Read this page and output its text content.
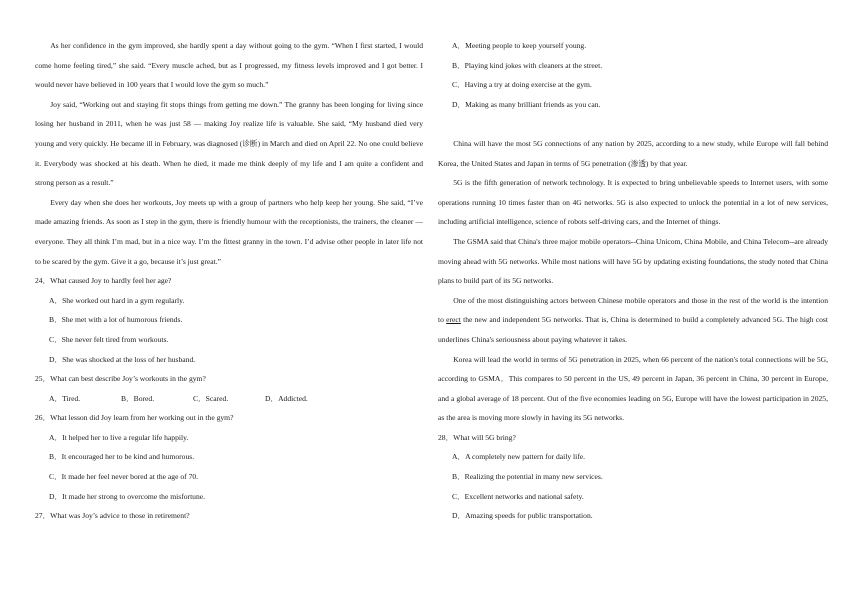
As her confidence in the gym improved, she hardly spent a day without going to the gym. “When I first started, I would come home feeling tired,” she said. “Every muscle ached, but as I progressed, my fitness levels improved and I got better. I would never have believed in 100 years that I would love the gym so much.”

Joy said, “Working out and staying fit stops things from getting me down.” The granny has been longing for living since losing her husband in 2011, when he was just 58 — making Joy realize life is valuable. She said, “My husband died very young and very quickly. He became ill in February, was diagnosed (诊断) in March and died on April 22. No one could believe it. Everybody was shocked at his death. When he died, it made me think deeply of my life and I am quite a confident and strong person as a result.”

Every day when she does her workouts, Joy meets up with a group of partners who help keep her young. She said, “I’ve made amazing friends. As soon as I step in the gym, there is friendly humour with the receptionists, the trainers, the cleaner — everyone. They all think I’m mad, but in a nice way. I’m the fittest granny in the town. I’d advise other people in later life not to be scared by the gym. Give it a go, because it’s just great.”

24．What caused Joy to hardly feel her age?

A．She worked out hard in a gym regularly.

B．She met with a lot of humorous friends.

C．She never felt tired from workouts.

D．She was shocked at the loss of her husband.

25．What can best describe Joy’s workouts in the gym?

A．Tired.	B．Bored.	C．Scared.	D．Addicted.

26．What lesson did Joy learn from her working out in the gym?

A．It helped her to live a regular life happily.

B．It encouraged her to be kind and humorous.

C．It made her feel never bored at the age of 70.

D．It made her strong to overcome the misfortune.

27．What was Joy’s advice to those in retirement?

A．Meeting people to keep yourself young.

B．Playing kind jokes with cleaners at the street.

C．Having a try at doing exercise at the gym.

D．Making as many brilliant friends as you can.

China will have the most 5G connections of any nation by 2025, according to a new study, while Europe will fall behind Korea, the United States and Japan in terms of 5G penetration (渗透) by that year.

5G is the fifth generation of network technology. It is expected to bring unbelievable speeds to Internet users, with some operations running 10 times faster than on 4G networks. 5G is also expected to unlock the potential in a lot of new services, including artificial intelligence, science of robots self-driving cars, and the Internet of things.

The GSMA said that China's three major mobile operators--China Unicom, China Mobile, and China Telecom--are already moving ahead with 5G networks. While most nations will have 5G by updating existing foundations, the study noted that China plans to build part of its 5G networks.

One of the most distinguishing actors between Chinese mobile operators and those in the rest of the world is the intention to erect the new and independent 5G networks. That is, China is determined to build a completely advanced 5G. The high cost underlines China's seriousness about paying whatever it takes.

Korea will lead the world in terms of 5G penetration in 2025, when 66 percent of the nation's total connections will be 5G, according to GSMA．This compares to 50 percent in the US, 49 percent in Japan, 36 percent in China, 30 percent in Europe, and a global average of 18 percent. Out of the five economies leading on 5G, Europe will have the lowest participation in 2025, as the area is moving more slowly in having its 5G networks.

28．What will 5G bring?

A．A completely new pattern for daily life.

B．Realizing the potential in many new services.

C．Excellent networks and national safety.

D．Amazing speeds for public transportation.
